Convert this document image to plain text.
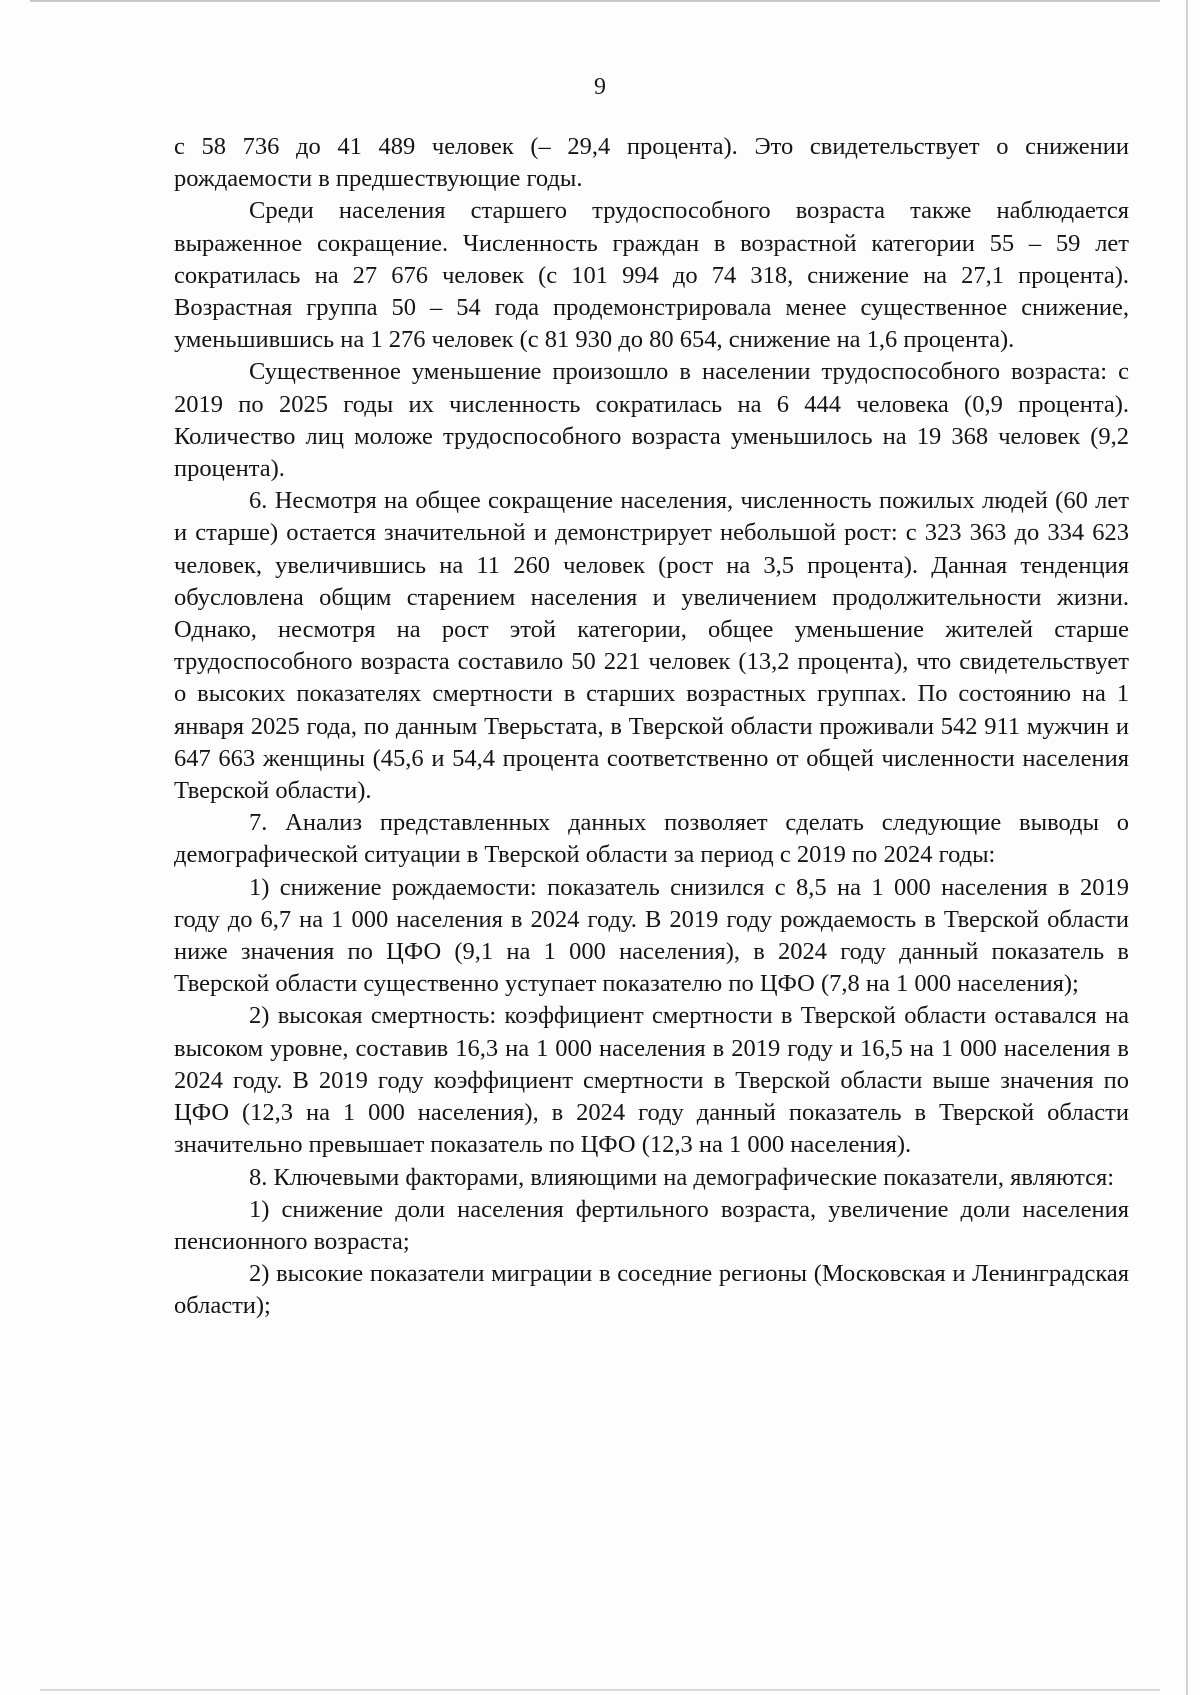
9

с 58 736 до 41 489 человек (– 29,4 процента). Это свидетельствует о снижении рождаемости в предшествующие годы.

Среди населения старшего трудоспособного возраста также наблюдается выраженное сокращение. Численность граждан в возрастной категории 55 – 59 лет сократилась на 27 676 человек (с 101 994 до 74 318, снижение на 27,1 процента). Возрастная группа 50 – 54 года продемонстрировала менее существенное снижение, уменьшившись на 1 276 человек (с 81 930 до 80 654, снижение на 1,6 процента).

Существенное уменьшение произошло в населении трудоспособного возраста: с 2019 по 2025 годы их численность сократилась на 6 444 человека (0,9 процента). Количество лиц моложе трудоспособного возраста уменьшилось на 19 368 человек (9,2 процента).

6. Несмотря на общее сокращение населения, численность пожилых людей (60 лет и старше) остается значительной и демонстрирует небольшой рост: с 323 363 до 334 623 человек, увеличившись на 11 260 человек (рост на 3,5 процента). Данная тенденция обусловлена общим старением населения и увеличением продолжительности жизни. Однако, несмотря на рост этой категории, общее уменьшение жителей старше трудоспособного возраста составило 50 221 человек (13,2 процента), что свидетельствует о высоких показателях смертности в старших возрастных группах. По состоянию на 1 января 2025 года, по данным Тверьстата, в Тверской области проживали 542 911 мужчин и 647 663 женщины (45,6 и 54,4 процента соответственно от общей численности населения Тверской области).

7. Анализ представленных данных позволяет сделать следующие выводы о демографической ситуации в Тверской области за период с 2019 по 2024 годы:

1) снижение рождаемости: показатель снизился с 8,5 на 1 000 населения в 2019 году до 6,7 на 1 000 населения в 2024 году. В 2019 году рождаемость в Тверской области ниже значения по ЦФО (9,1 на 1 000 населения), в 2024 году данный показатель в Тверской области существенно уступает показателю по ЦФО (7,8 на 1 000 населения);

2) высокая смертность: коэффициент смертности в Тверской области оставался на высоком уровне, составив 16,3 на 1 000 населения в 2019 году и 16,5 на 1 000 населения в 2024 году. В 2019 году коэффициент смертности в Тверской области выше значения по ЦФО (12,3 на 1 000 населения), в 2024 году данный показатель в Тверской области значительно превышает показатель по ЦФО (12,3 на 1 000 населения).

8. Ключевыми факторами, влияющими на демографические показатели, являются:

1) снижение доли населения фертильного возраста, увеличение доли населения пенсионного возраста;

2) высокие показатели миграции в соседние регионы (Московская и Ленинградская области);
